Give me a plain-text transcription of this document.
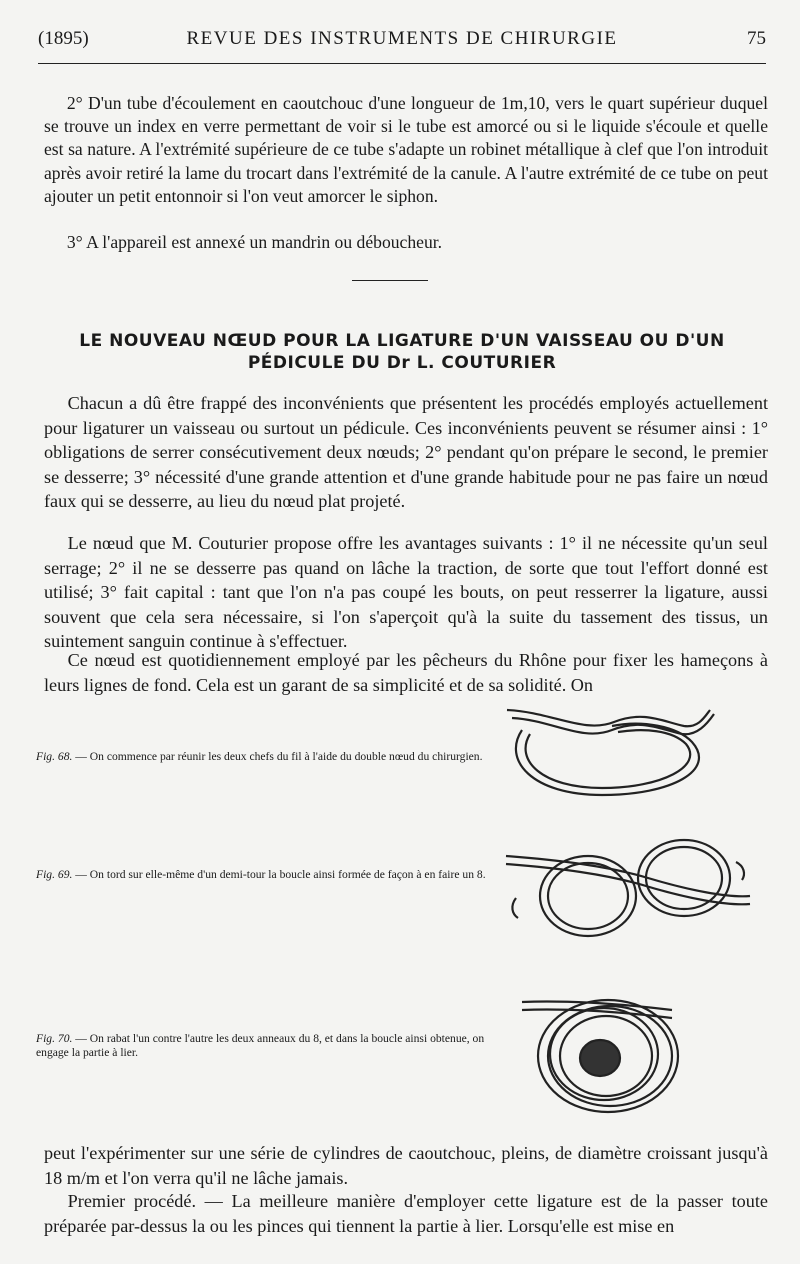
(1895)	REVUE DES INSTRUMENTS DE CHIRURGIE	75

2° D'un tube d'écoulement en caoutchouc d'une longueur de 1m,10, vers le quart supérieur duquel se trouve un index en verre permettant de voir si le tube est amorcé ou si le liquide s'écoule et quelle est sa nature. A l'extrémité supérieure de ce tube s'adapte un robinet métallique à clef que l'on introduit après avoir retiré la lame du trocart dans l'extrémité de la canule. A l'autre extrémité de ce tube on peut ajouter un petit entonnoir si l'on veut amorcer le siphon.

3° A l'appareil est annexé un mandrin ou déboucheur.

LE NOUVEAU NŒUD POUR LA LIGATURE D'UN VAISSEAU OU D'UN
PÉDICULE DU Dr L. COUTURIER

Chacun a dû être frappé des inconvénients que présentent les procédés employés actuellement pour ligaturer un vaisseau ou surtout un pédicule. Ces inconvénients peuvent se résumer ainsi : 1° obligations de serrer consécutivement deux nœuds; 2° pendant qu'on prépare le second, le premier se desserre; 3° nécessité d'une grande attention et d'une grande habitude pour ne pas faire un nœud faux qui se desserre, au lieu du nœud plat projeté.

Le nœud que M. Couturier propose offre les avantages suivants : 1° il ne nécessite qu'un seul serrage; 2° il ne se desserre pas quand on lâche la traction, de sorte que tout l'effort donné est utilisé; 3° fait capital : tant que l'on n'a pas coupé les bouts, on peut resserrer la ligature, aussi souvent que cela sera nécessaire, si l'on s'aperçoit qu'à la suite du tassement des tissus, un suintement sanguin continue à s'effectuer.

Ce nœud est quotidiennement employé par les pêcheurs du Rhône pour fixer les hameçons à leurs lignes de fond. Cela est un garant de sa simplicité et de sa solidité. On

Fig. 68. — On commence par réunir les deux chefs du fil à l'aide du double nœud du chirurgien.

Fig. 69. — On tord sur elle-même d'un demi-tour la boucle ainsi formée de façon à en faire un 8.

Fig. 70. — On rabat l'un contre l'autre les deux anneaux du 8, et dans la boucle ainsi obtenue, on engage la partie à lier.

peut l'expérimenter sur une série de cylindres de caoutchouc, pleins, de diamètre croissant jusqu'à 18 m/m et l'on verra qu'il ne lâche jamais.

Premier procédé. — La meilleure manière d'employer cette ligature est de la passer toute préparée par-dessus la ou les pinces qui tiennent la partie à lier. Lorsqu'elle est mise en
